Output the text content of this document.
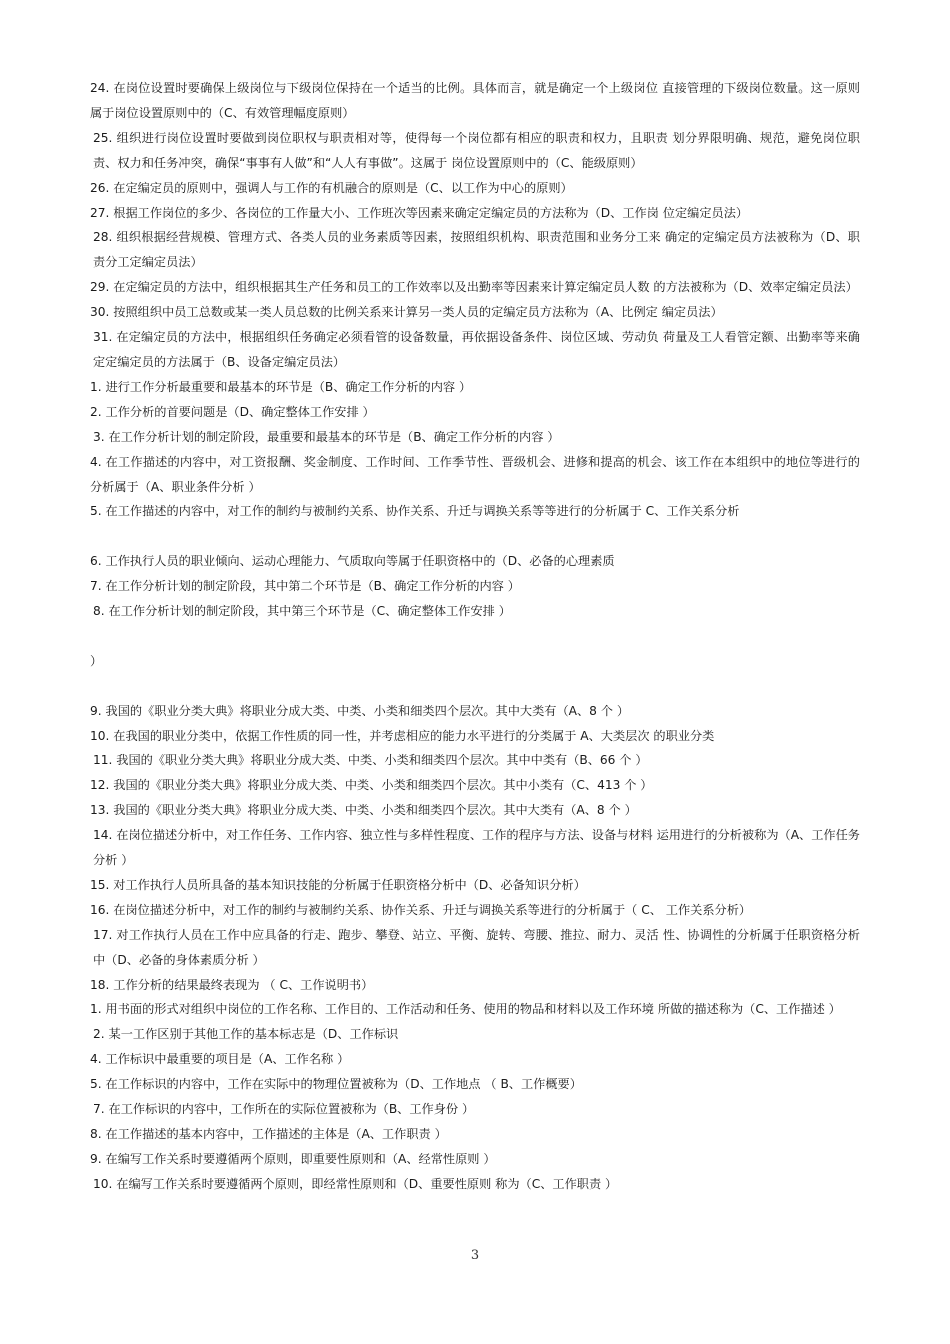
24. 在岗位设置时要确保上级岗位与下级岗位保持在一个适当的比例。具体而言，就是确定一个上级岗位 直接管理的下级岗位数量。这一原则属于岗位设置原则中的（C、有效管理幅度原则）

25. 组织进行岗位设置时要做到岗位职权与职责相对等，使得每一个岗位都有相应的职责和权力，且职责 划分界限明确、规范，避免岗位职责、权力和任务冲突，确保“事事有人做”和“人人有事做”。这属于 岗位设置原则中的（C、能级原则）

26. 在定编定员的原则中，强调人与工作的有机融合的原则是（C、以工作为中心的原则）

27. 根据工作岗位的多少、各岗位的工作量大小、工作班次等因素来确定定编定员的方法称为（D、工作岗 位定编定员法）

28. 组织根据经营规模、管理方式、各类人员的业务素质等因素，按照组织机构、职责范围和业务分工来 确定的定编定员方法被称为（D、职责分工定编定员法）

29. 在定编定员的方法中，组织根据其生产任务和员工的工作效率以及出勤率等因素来计算定编定员人数 的方法被称为（D、效率定编定员法）

30. 按照组织中员工总数或某一类人员总数的比例关系来计算另一类人员的定编定员方法称为（A、比例定 编定员法）

31. 在定编定员的方法中，根据组织任务确定必须看管的设备数量，再依据设备条件、岗位区域、劳动负 荷量及工人看管定额、出勤率等来确定定编定员的方法属于（B、设备定编定员法）

1. 进行工作分析最重要和最基本的环节是（B、确定工作分析的内容 ）

2. 工作分析的首要问题是（D、确定整体工作安排 ）

3. 在工作分析计划的制定阶段，最重要和最基本的环节是（B、确定工作分析的内容 ）

4. 在工作描述的内容中，对工资报酬、奖金制度、工作时间、工作季节性、晋级机会、进修和提高的机会、该工作在本组织中的地位等进行的分析属于（A、职业条件分析 ）

5. 在工作描述的内容中，对工作的制约与被制约关系、协作关系、升迁与调换关系等等进行的分析属于 C、工作关系分析

6. 工作执行人员的职业倾向、运动心理能力、气质取向等属于任职资格中的（D、必备的心理素质

7. 在工作分析计划的制定阶段，其中第二个环节是（B、确定工作分析的内容 ）

8. 在工作分析计划的制定阶段，其中第三个环节是（C、确定整体工作安排 ）

）

9. 我国的《职业分类大典》将职业分成大类、中类、小类和细类四个层次。其中大类有（A、8 个 ）

10. 在我国的职业分类中，依据工作性质的同一性，并考虑相应的能力水平进行的分类属于 A、大类层次 的职业分类

11. 我国的《职业分类大典》将职业分成大类、中类、小类和细类四个层次。其中中类有（B、66 个 ）

12. 我国的《职业分类大典》将职业分成大类、中类、小类和细类四个层次。其中小类有（C、413 个 ）

13. 我国的《职业分类大典》将职业分成大类、中类、小类和细类四个层次。其中大类有（A、8 个 ）

14. 在岗位描述分析中，对工作任务、工作内容、独立性与多样性程度、工作的程序与方法、设备与材料 运用进行的分析被称为（A、工作任务分析 ）

15. 对工作执行人员所具备的基本知识技能的分析属于任职资格分析中（D、必备知识分析）

16. 在岗位描述分析中，对工作的制约与被制约关系、协作关系、升迁与调换关系等进行的分析属于（ C、 工作关系分析）

17. 对工作执行人员在工作中应具备的行走、跑步、攀登、站立、平衡、旋转、弯腰、推拉、耐力、灵活 性、协调性的分析属于任职资格分析中（D、必备的身体素质分析 ）

18. 工作分析的结果最终表现为 （ C、工作说明书）

1. 用书面的形式对组织中岗位的工作名称、工作目的、工作活动和任务、使用的物品和材料以及工作环境 所做的描述称为（C、工作描述 ）

2. 某一工作区别于其他工作的基本标志是（D、工作标识

4. 工作标识中最重要的项目是（A、工作名称 ）

5. 在工作标识的内容中，工作在实际中的物理位置被称为（D、工作地点 （ B、工作概要）

7. 在工作标识的内容中，工作所在的实际位置被称为（B、工作身份 ）

8. 在工作描述的基本内容中，工作描述的主体是（A、工作职责 ）

9. 在编写工作关系时要遵循两个原则，即重要性原则和（A、经常性原则 ）

10. 在编写工作关系时要遵循两个原则，即经常性原则和（D、重要性原则 称为（C、工作职责 ）

3
